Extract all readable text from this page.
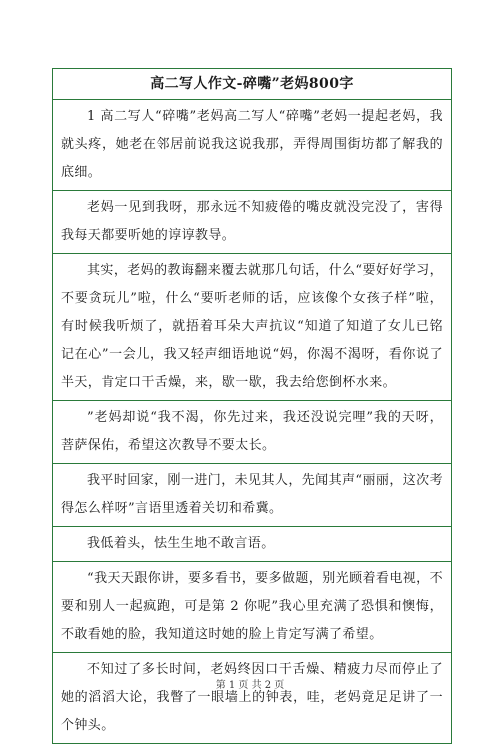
高二写人作文-碎嘴”老妈800字
1 高二写人“碎嘴”老妈高二写人“碎嘴”老妈一提起老妈，我就头疼，她老在邻居前说我这说我那，弄得周围街坊都了解我的底细。
老妈一见到我呀，那永远不知疲倦的嘴皮就没完没了，害得我每天都要听她的谆谆教导。
其实，老妈的教诲翻来覆去就那几句话，什么“要好好学习，不要贪玩儿”啦，什么“要听老师的话，应该像个女孩子样”啦，有时候我听烦了，就捂着耳朵大声抗议“知道了知道了女儿已铭记在心”一会儿，我又轻声细语地说“妈，你渴不渴呀，看你说了半天，肯定口干舌燥，来，歇一歇，我去给您倒杯水来。
”老妈却说“我不渴，你先过来，我还没说完哩”我的天呀，菩萨保佑，希望这次教导不要太长。
我平时回家，刚一进门，未见其人，先闻其声“丽丽，这次考得怎么样呀”言语里透着关切和希冀。
我低着头，怯生生地不敢言语。
“我天天跟你讲，要多看书，要多做题，别光顾着看电视，不要和别人一起疯跑，可是第 2 你呢”我心里充满了恐惧和懊悔，不敢看她的脸，我知道这时她的脸上肯定写满了希望。
不知过了多长时间，老妈终因口干舌燥、精疲力尽而停止了她的滔滔大论，我瞥了一眼墙上的钟表，哇，老妈竟足足讲了一个钟头。
第 1 页 共 2 页
